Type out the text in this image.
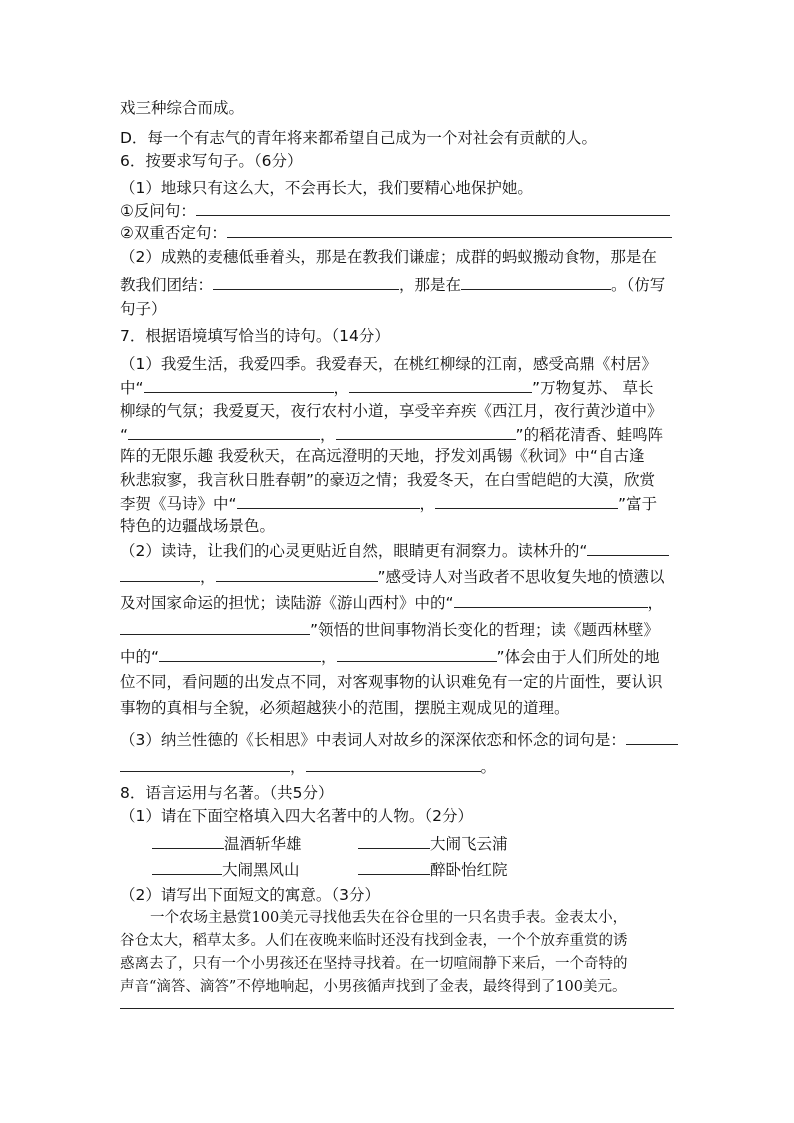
戏三种综合而成。
D．每一个有志气的青年将来都希望自己成为一个对社会有贡献的人。
6．按要求写句子。（6分）
（1）地球只有这么大，不会再长大，我们要精心地保护她。
①反问句：
②双重否定句：
（2）成熟的麦穗低垂着头，那是在教我们谦虚；成群的蚂蚁搬动食物，那是在
教我们团结：	，那是在	。（仿写
句子）
7．根据语境填写恰当的诗句。（14分）
（1）我爱生活，我爱四季。我爱春天，在桃红柳绿的江南，感受高鼎《村居》
中“	，	”万物复苏、 草长
柳绿的气氛；我爱夏天，夜行农村小道，享受辛弃疾《西江月，夜行黄沙道中》
“	，	”的稻花清香、蛙鸣阵
阵的无限乐趣 我爱秋天，在高远澄明的天地，抒发刘禹锡《秋词》中“自古逢
秋悲寂寥，我言秋日胜春朝”的豪迈之情；我爱冬天，在白雪皑皑的大漠，欣赏
李贺《马诗》中“	，	”富于
特色的边疆战场景色。
（2）读诗，让我们的心灵更贴近自然，眼睛更有洞察力。读林升的“
，	”感受诗人对当政者不思收复失地的愤懑以
及对国家命运的担忧；读陆游《游山西村》中的“	，
”领悟的世间事物消长变化的哲理；读《题西林壁》
中的“	，	”体会由于人们所处的地
位不同，看问题的出发点不同，对客观事物的认识难免有一定的片面性，要认识
事物的真相与全貌，必须超越狭小的范围，摆脱主观成见的道理。
（3）纳兰性德的《长相思》中表词人对故乡的深深依恋和怀念的词句是：
，	。
8．语言运用与名著。（共5分）
（1）请在下面空格填入四大名著中的人物。（2分）
温酒斩华雄	大闹飞云浦
大闹黑风山	醉卧怡红院
（2）请写出下面短文的寓意。（3分）
一个农场主悬赏100美元寻找他丢失在谷仓里的一只名贵手表。金表太小，
谷仓太大，稻草太多。人们在夜晚来临时还没有找到金表，一个个放弃重赏的诱
惑离去了，只有一个小男孩还在坚持寻找着。在一切喧闹静下来后，一个奇特的
声音“滴答、滴答”不停地响起，小男孩循声找到了金表，最终得到了100美元。
